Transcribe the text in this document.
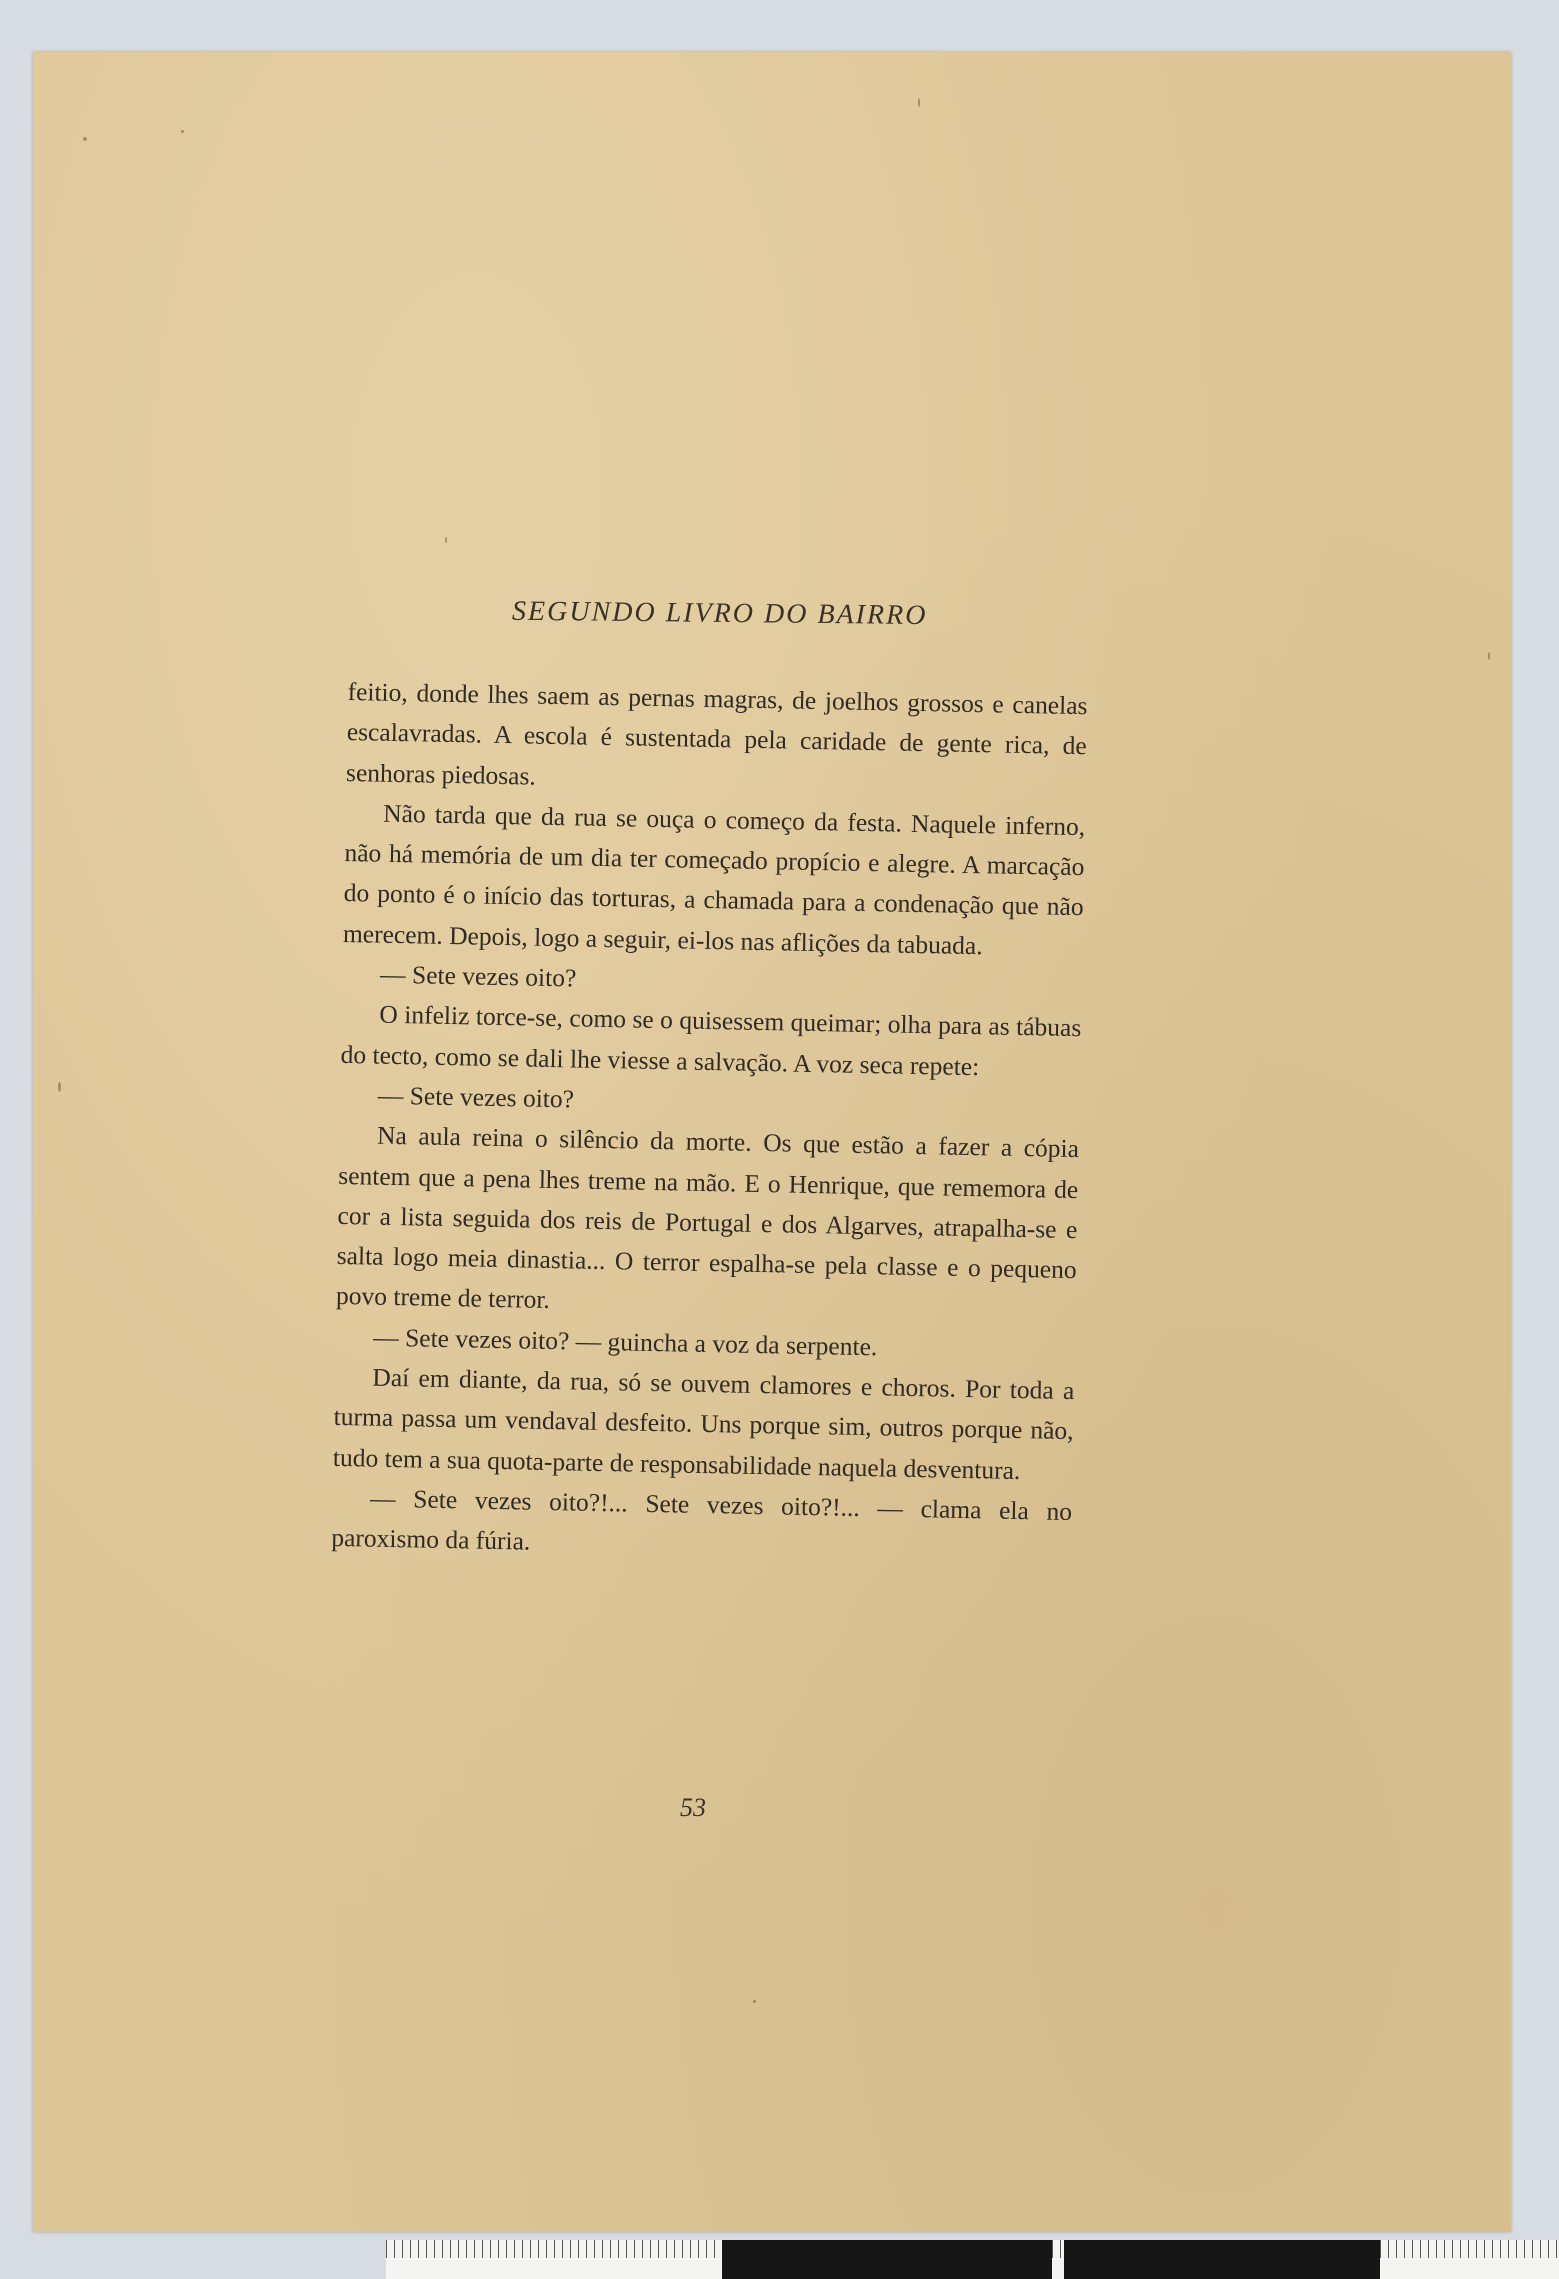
SEGUNDO LIVRO DO BAIRRO

feitio, donde lhes saem as pernas magras, de joelhos grossos e canelas escalavradas. A escola é sustentada pela caridade de gente rica, de senhoras piedosas.

Não tarda que da rua se ouça o começo da festa. Naquele inferno, não há memória de um dia ter começado propício e alegre. A marcação do ponto é o início das torturas, a chamada para a condenação que não merecem. Depois, logo a seguir, ei-los nas aflições da tabuada.

— Sete vezes oito?

O infeliz torce-se, como se o quisessem queimar; olha para as tábuas do tecto, como se dali lhe viesse a salvação. A voz seca repete:

— Sete vezes oito?

Na aula reina o silêncio da morte. Os que estão a fazer a cópia sentem que a pena lhes treme na mão. E o Henrique, que rememora de cor a lista seguida dos reis de Portugal e dos Algarves, atrapalha-se e salta logo meia dinastia... O terror espalha-se pela classe e o pequeno povo treme de terror.

— Sete vezes oito? — guincha a voz da serpente.

Daí em diante, da rua, só se ouvem clamores e choros. Por toda a turma passa um vendaval desfeito. Uns porque sim, outros porque não, tudo tem a sua quota-parte de responsabilidade naquela desventura.

— Sete vezes oito?!... Sete vezes oito?!... — clama ela no paroxismo da fúria.

53
